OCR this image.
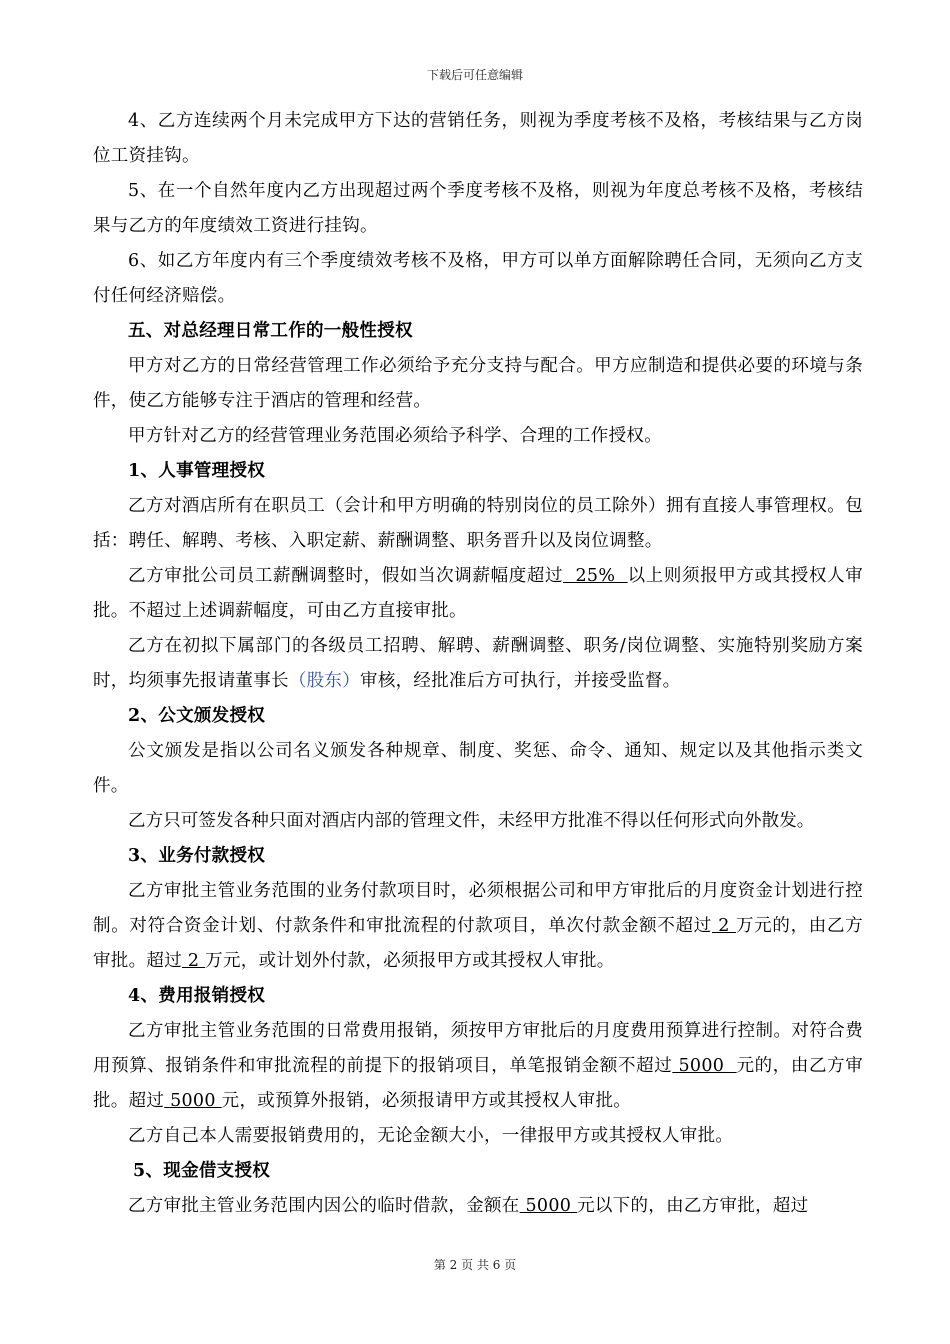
下载后可任意编辑

4、乙方连续两个月未完成甲方下达的营销任务，则视为季度考核不及格，考核结果与乙方岗位工资挂钩。

5、在一个自然年度内乙方出现超过两个季度考核不及格，则视为年度总考核不及格，考核结果与乙方的年度绩效工资进行挂钩。

6、如乙方年度内有三个季度绩效考核不及格，甲方可以单方面解除聘任合同，无须向乙方支付任何经济赔偿。

五、对总经理日常工作的一般性授权

甲方对乙方的日常经营管理工作必须给予充分支持与配合。甲方应制造和提供必要的环境与条件，使乙方能够专注于酒店的管理和经营。

甲方针对乙方的经营管理业务范围必须给予科学、合理的工作授权。

1、人事管理授权

乙方对酒店所有在职员工（会计和甲方明确的特别岗位的员工除外）拥有直接人事管理权。包括：聘任、解聘、考核、入职定薪、薪酬调整、职务晋升以及岗位调整。

乙方审批公司员工薪酬调整时，假如当次调薪幅度超过  25%  以上则须报甲方或其授权人审批。不超过上述调薪幅度，可由乙方直接审批。

乙方在初拟下属部门的各级员工招聘、解聘、薪酬调整、职务/岗位调整、实施特别奖励方案时，均须事先报请董事长（股东）审核，经批准后方可执行，并接受监督。

2、公文颁发授权

公文颁发是指以公司名义颁发各种规章、制度、奖惩、命令、通知、规定以及其他指示类文件。

乙方只可签发各种只面对酒店内部的管理文件，未经甲方批准不得以任何形式向外散发。

3、业务付款授权

乙方审批主管业务范围的业务付款项目时，必须根据公司和甲方审批后的月度资金计划进行控制。对符合资金计划、付款条件和审批流程的付款项目，单次付款金额不超过 2 万元的，由乙方审批。超过 2 万元，或计划外付款，必须报甲方或其授权人审批。

4、费用报销授权

乙方审批主管业务范围的日常费用报销，须按甲方审批后的月度费用预算进行控制。对符合费用预算、报销条件和审批流程的前提下的报销项目，单笔报销金额不超过 5000  元的，由乙方审批。超过 5000 元，或预算外报销，必须报请甲方或其授权人审批。

乙方自己本人需要报销费用的，无论金额大小，一律报甲方或其授权人审批。

5、现金借支授权

乙方审批主管业务范围内因公的临时借款，金额在 5000 元以下的，由乙方审批，超过

第 2 页 共 6 页
